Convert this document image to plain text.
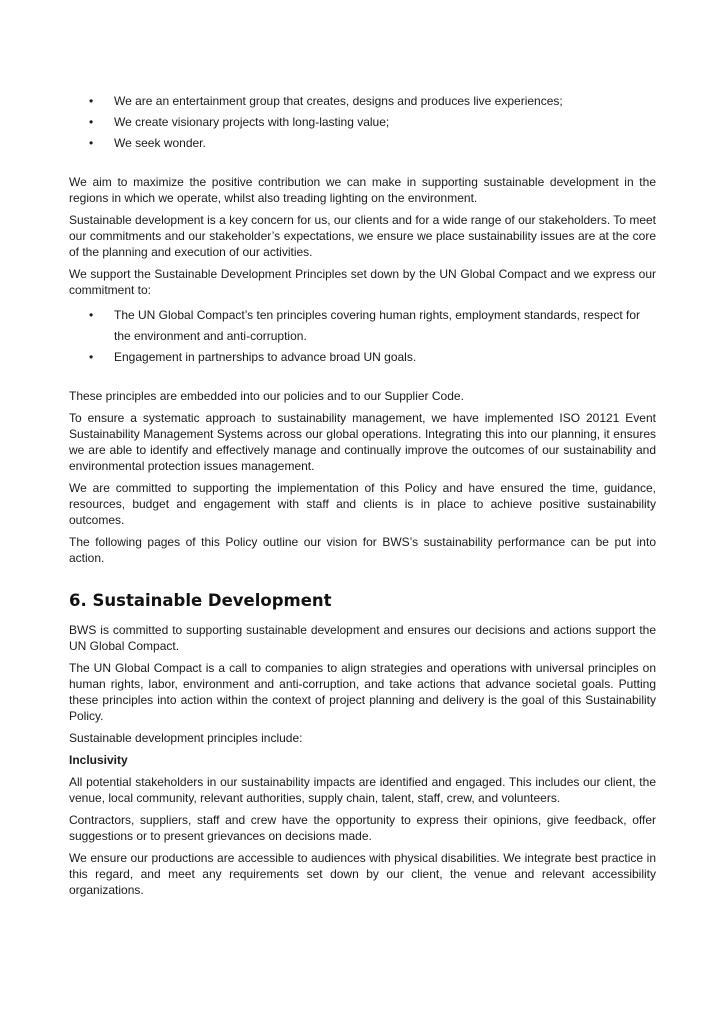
• We are an entertainment group that creates, designs and produces live experiences;
• We create visionary projects with long-lasting value;
• We seek wonder.

We aim to maximize the positive contribution we can make in supporting sustainable development in the regions in which we operate, whilst also treading lighting on the environment.

Sustainable development is a key concern for us, our clients and for a wide range of our stakeholders. To meet our commitments and our stakeholder’s expectations, we ensure we place sustainability issues are at the core of the planning and execution of our activities.

We support the Sustainable Development Principles set down by the UN Global Compact and we express our commitment to:

• The UN Global Compact’s ten principles covering human rights, employment standards, respect for the environment and anti-corruption.
• Engagement in partnerships to advance broad UN goals.

These principles are embedded into our policies and to our Supplier Code.

To ensure a systematic approach to sustainability management, we have implemented ISO 20121 Event Sustainability Management Systems across our global operations. Integrating this into our planning, it ensures we are able to identify and effectively manage and continually improve the outcomes of our sustainability and environmental protection issues management.

We are committed to supporting the implementation of this Policy and have ensured the time, guidance, resources, budget and engagement with staff and clients is in place to achieve positive sustainability outcomes.

The following pages of this Policy outline our vision for BWS’s sustainability performance can be put into action.

6. Sustainable Development

BWS is committed to supporting sustainable development and ensures our decisions and actions support the UN Global Compact.

The UN Global Compact is a call to companies to align strategies and operations with universal principles on human rights, labor, environment and anti-corruption, and take actions that advance societal goals. Putting these principles into action within the context of project planning and delivery is the goal of this Sustainability Policy.

Sustainable development principles include:

Inclusivity

All potential stakeholders in our sustainability impacts are identified and engaged. This includes our client, the venue, local community, relevant authorities, supply chain, talent, staff, crew, and volunteers.

Contractors, suppliers, staff and crew have the opportunity to express their opinions, give feedback, offer suggestions or to present grievances on decisions made.

We ensure our productions are accessible to audiences with physical disabilities. We integrate best practice in this regard, and meet any requirements set down by our client, the venue and relevant accessibility organizations.
